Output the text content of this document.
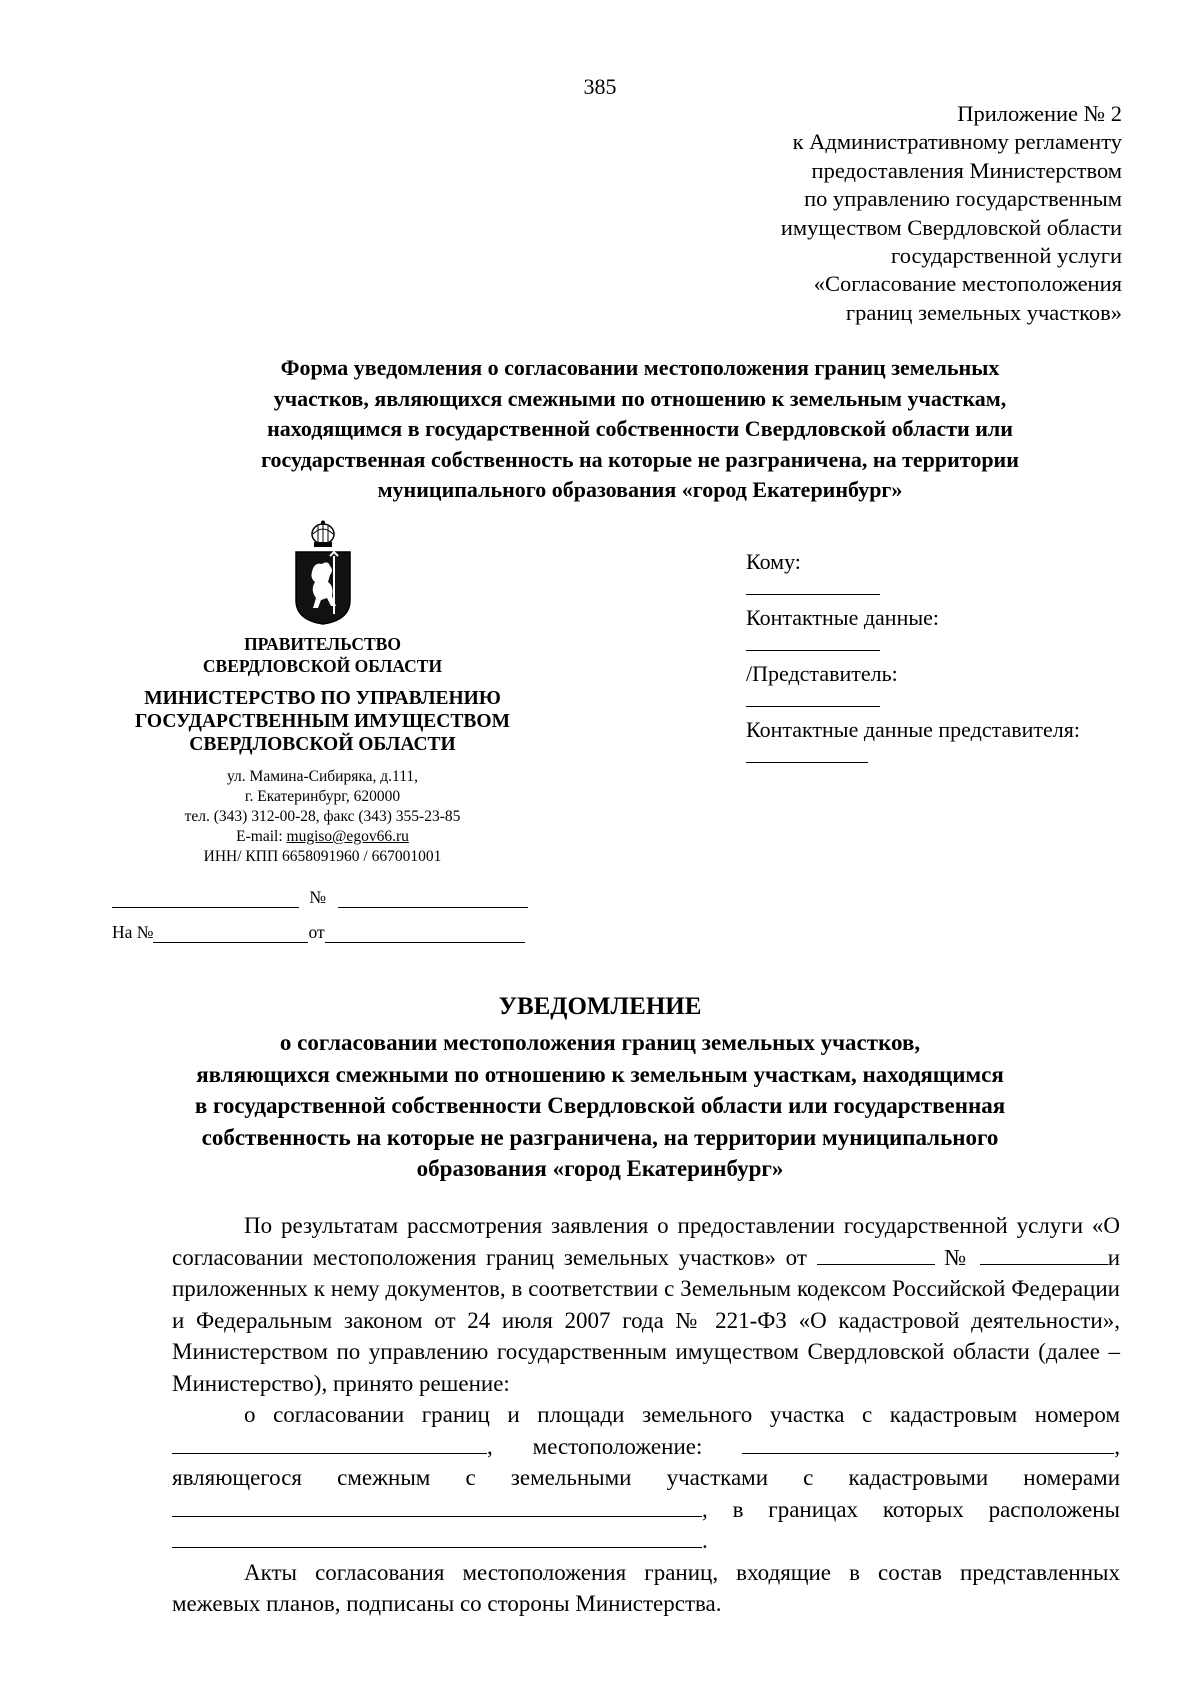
385
Приложение № 2
к Административному регламенту
предоставления Министерством
по управлению государственным
имуществом Свердловской области
государственной услуги
«Согласование местоположения
границ земельных участков»
Форма уведомления о согласовании местоположения границ земельных
участков, являющихся смежными по отношению к земельным участкам,
находящимся в государственной собственности Свердловской области или
государственная собственность на которые не разграничена, на территории
муниципального образования «город Екатеринбург»
ПРАВИТЕЛЬСТВО
СВЕРДЛОВСКОЙ ОБЛАСТИ
МИНИСТЕРСТВО ПО УПРАВЛЕНИЮ
ГОСУДАРСТВЕННЫМ ИМУЩЕСТВОМ
СВЕРДЛОВСКОЙ ОБЛАСТИ
ул. Мамина-Сибиряка, д.111,
г. Екатеринбург, 620000
тел. (343) 312-00-28, факс (343) 355-23-85
E-mail: mugiso@egov66.ru
ИНН/ КПП 6658091960 / 667001001
№
На №	от
Кому:
Контактные данные:
/Представитель:
Контактные данные представителя:
УВЕДОМЛЕНИЕ
о согласовании местоположения границ земельных участков,
являющихся смежными по отношению к земельным участкам, находящимся
в государственной собственности Свердловской области или государственная
собственность на которые не разграничена, на территории муниципального
образования «город Екатеринбург»

По результатам рассмотрения заявления о предоставлении государственной услуги «О согласовании местоположения границ земельных участков» от	№	и приложенных к нему документов, в соответствии с Земельным кодексом Российской Федерации и Федеральным законом от 24 июля 2007 года № 221-ФЗ «О кадастровой деятельности», Министерством по управлению государственным имуществом Свердловской области (далее – Министерство), принято решение:

о согласовании границ и площади земельного участка с кадастровым номером , местоположение:	, являющегося смежным с земельными участками с кадастровыми номерами , в границах которых расположены .

Акты согласования местоположения границ, входящие в состав представленных межевых планов, подписаны со стороны Министерства.
